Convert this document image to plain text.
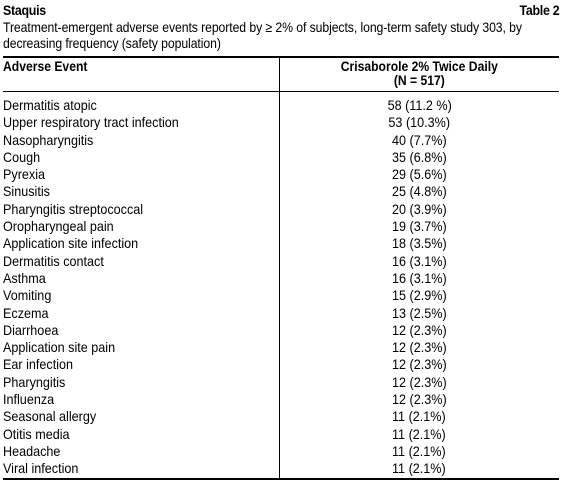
Staquis	Table 2
Treatment-emergent adverse events reported by ≥ 2% of subjects, long-term safety study 303, by decreasing frequency (safety population)
Adverse Event	Crisaborole 2% Twice Daily
(N = 517)
Dermatitis atopic	58 (11.2 %)
Upper respiratory tract infection	53 (10.3%)
Nasopharyngitis	40 (7.7%)
Cough	35 (6.8%)
Pyrexia	29 (5.6%)
Sinusitis	25 (4.8%)
Pharyngitis streptococcal	20 (3.9%)
Oropharyngeal pain	19 (3.7%)
Application site infection	18 (3.5%)
Dermatitis contact	16 (3.1%)
Asthma	16 (3.1%)
Vomiting	15 (2.9%)
Eczema	13 (2.5%)
Diarrhoea	12 (2.3%)
Application site pain	12 (2.3%)
Ear infection	12 (2.3%)
Pharyngitis	12 (2.3%)
Influenza	12 (2.3%)
Seasonal allergy	11 (2.1%)
Otitis media	11 (2.1%)
Headache	11 (2.1%)
Viral infection	11 (2.1%)
